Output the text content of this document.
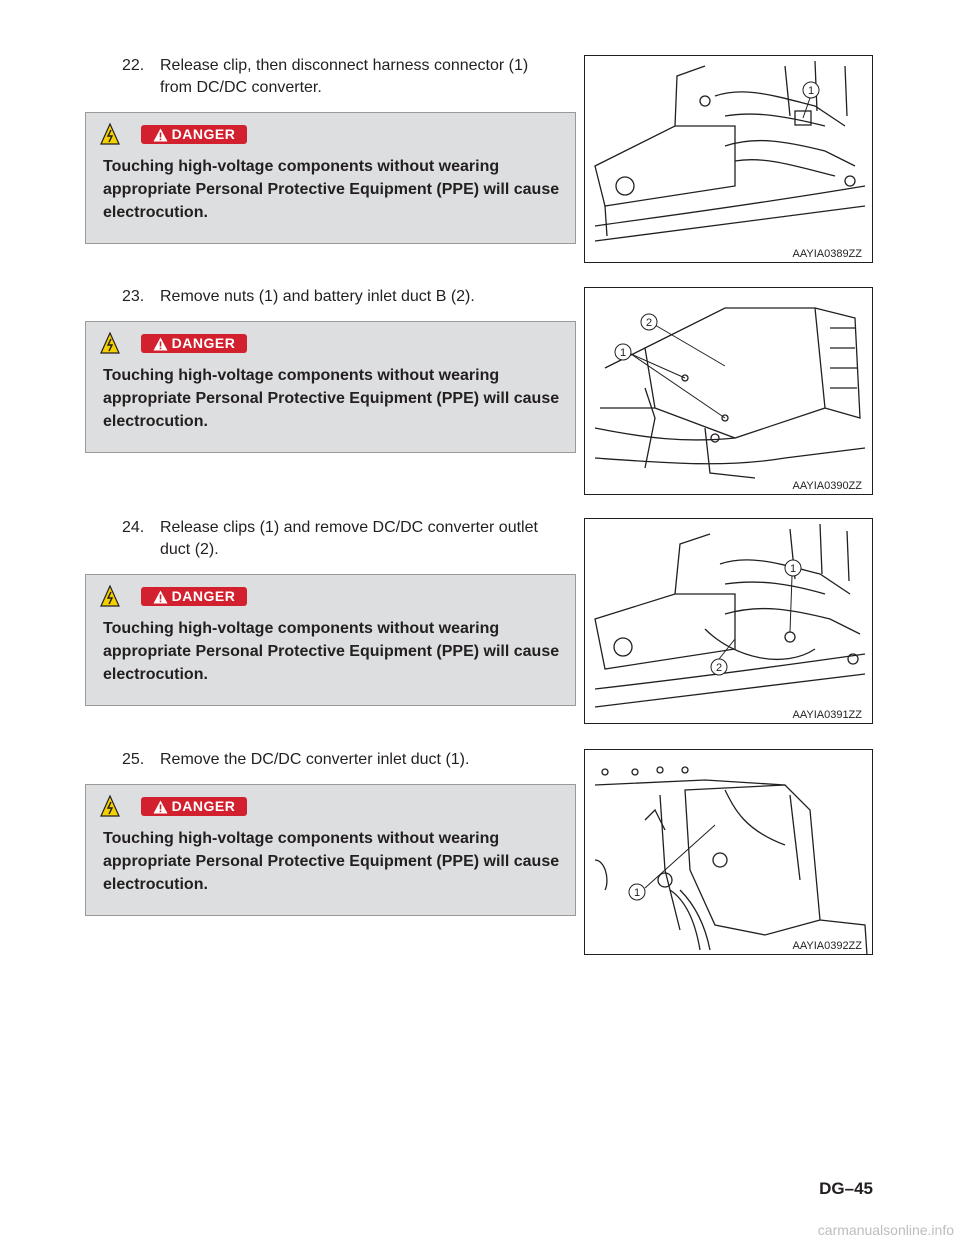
22. Release clip, then disconnect harness connector (1) from DC/DC converter.
DANGER
Touching high-voltage components without wearing appropriate Personal Protective Equipment (PPE) will cause electrocution.
23. Remove nuts (1) and battery inlet duct B (2).
DANGER
Touching high-voltage components without wearing appropriate Personal Protective Equipment (PPE) will cause electrocution.
24. Release clips (1) and remove DC/DC converter outlet duct (2).
DANGER
Touching high-voltage components without wearing appropriate Personal Protective Equipment (PPE) will cause electrocution.
25. Remove the DC/DC converter inlet duct (1).
DANGER
Touching high-voltage components without wearing appropriate Personal Protective Equipment (PPE) will cause electrocution.
1
AAYIA0389ZZ
2
1
AAYIA0390ZZ
1
2
AAYIA0391ZZ
1
AAYIA0392ZZ
DG–45
carmanualsonline.info
